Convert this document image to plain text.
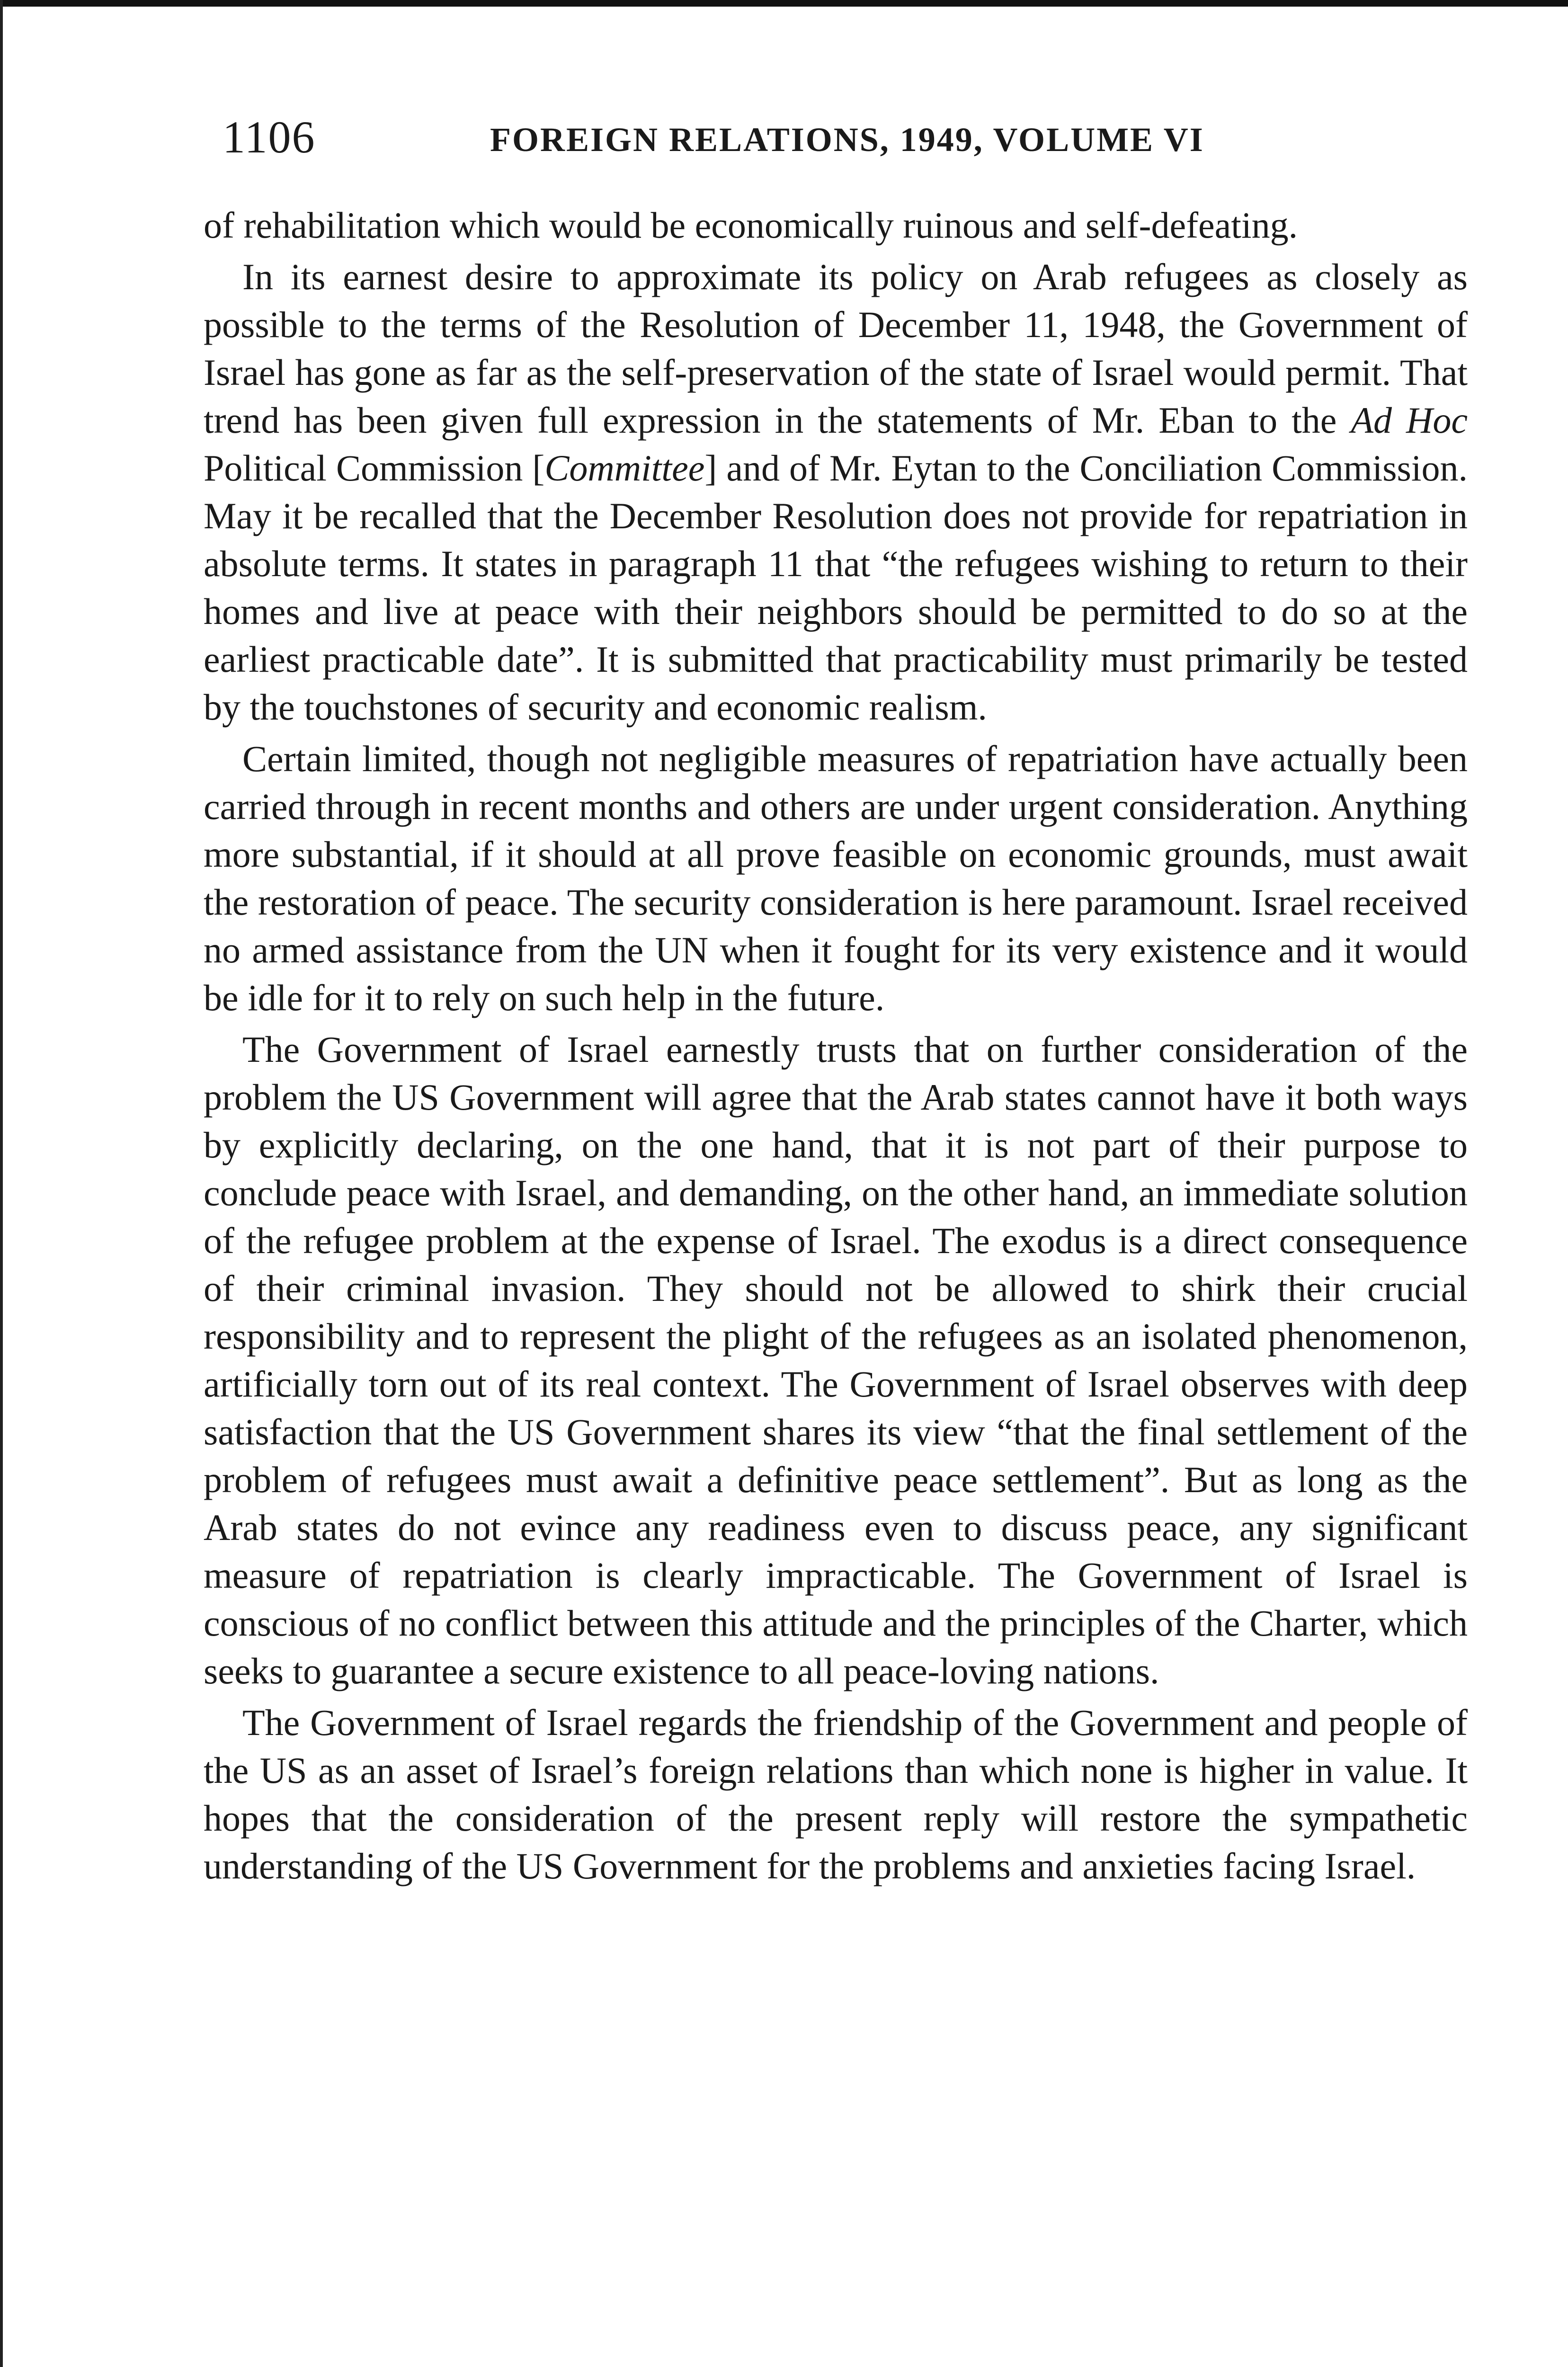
1106	FOREIGN RELATIONS, 1949, VOLUME VI

of rehabilitation which would be economically ruinous and self-defeating.

In its earnest desire to approximate its policy on Arab refugees as closely as possible to the terms of the Resolution of December 11, 1948, the Government of Israel has gone as far as the self-preservation of the state of Israel would permit. That trend has been given full expression in the statements of Mr. Eban to the Ad Hoc Political Commission [Committee] and of Mr. Eytan to the Conciliation Commission. May it be recalled that the December Resolution does not provide for repatriation in absolute terms. It states in paragraph 11 that “the refugees wishing to return to their homes and live at peace with their neighbors should be permitted to do so at the earliest practicable date”. It is submitted that practicability must primarily be tested by the touchstones of security and economic realism.

Certain limited, though not negligible measures of repatriation have actually been carried through in recent months and others are under urgent consideration. Anything more substantial, if it should at all prove feasible on economic grounds, must await the restoration of peace. The security consideration is here paramount. Israel received no armed assistance from the UN when it fought for its very existence and it would be idle for it to rely on such help in the future.

The Government of Israel earnestly trusts that on further consideration of the problem the US Government will agree that the Arab states cannot have it both ways by explicitly declaring, on the one hand, that it is not part of their purpose to conclude peace with Israel, and demanding, on the other hand, an immediate solution of the refugee problem at the expense of Israel. The exodus is a direct consequence of their criminal invasion. They should not be allowed to shirk their crucial responsibility and to represent the plight of the refugees as an isolated phenomenon, artificially torn out of its real context. The Government of Israel observes with deep satisfaction that the US Government shares its view “that the final settlement of the problem of refugees must await a definitive peace settlement”. But as long as the Arab states do not evince any readiness even to discuss peace, any significant measure of repatriation is clearly impracticable. The Government of Israel is conscious of no conflict between this attitude and the principles of the Charter, which seeks to guarantee a secure existence to all peace-loving nations.

The Government of Israel regards the friendship of the Government and people of the US as an asset of Israel’s foreign relations than which none is higher in value. It hopes that the consideration of the present reply will restore the sympathetic understanding of the US Government for the problems and anxieties facing Israel.
